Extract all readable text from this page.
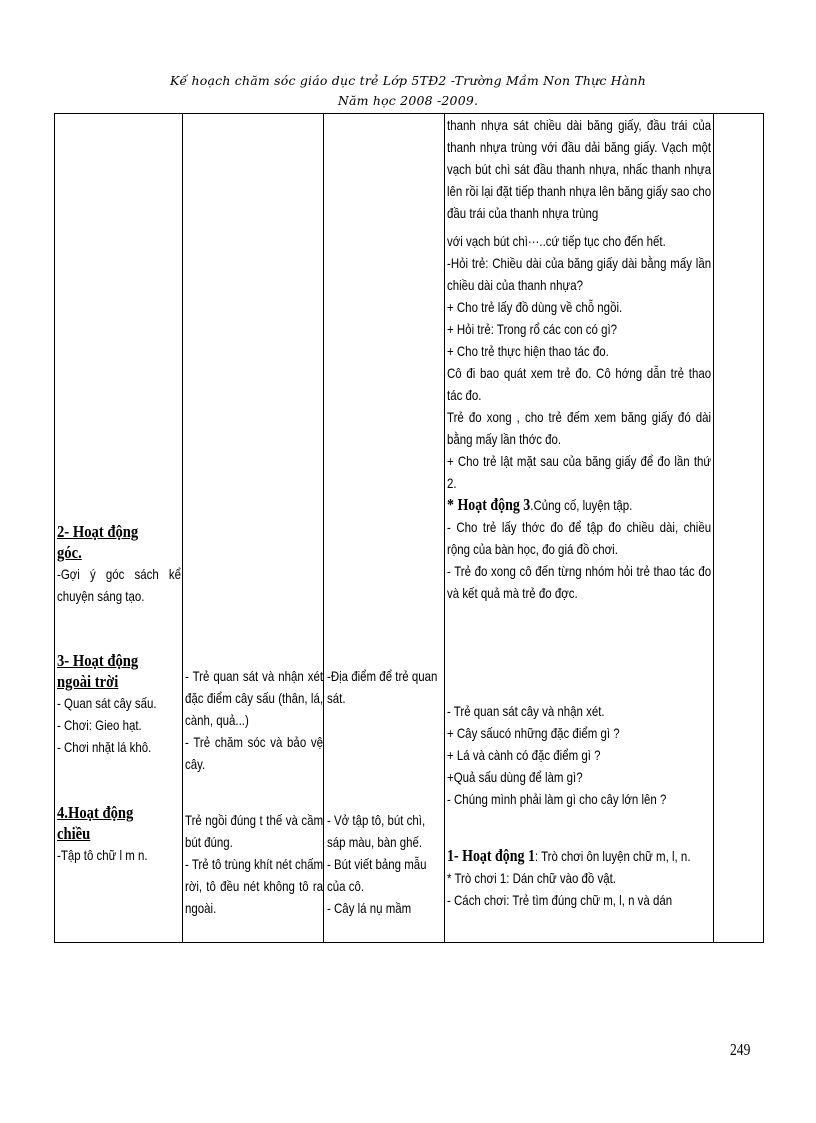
Kế hoạch chăm sóc giáo dục trẻ Lớp 5TĐ2 -Trường Mầm Non Thực Hành
Năm học 2008 -2009.
2- Hoạt động
góc.
-Gợi ý góc sách kể chuyện sáng tạo.
3- Hoạt động
ngoài trời
- Quan sát cây sấu.
- Chơi: Gieo hạt.
- Chơi nhặt lá khô.
4.Hoạt động
chiều
-Tập tô chữ l m n.
- Trẻ quan sát và nhận xét đặc điểm cây sấu (thân, lá, cành, quả...)
- Trẻ chăm sóc và bảo vệ cây.
Trẻ ngồi đúng t thế và cầm bút đúng.
- Trẻ tô trùng khít nét chấm rời, tô đều nét không tô ra ngoài.
-Địa điểm để trẻ quan sát.
- Vở tập tô, bút chì, sáp màu, bàn ghế.
- Bút viết bảng mẫu của cô.
- Cây lá nụ mầm
thanh nhựa sát chiều dài băng giấy, đầu trái của thanh nhựa trùng với đầu dải băng giấy. Vạch một vạch bút chì sát đầu thanh nhựa, nhấc thanh nhựa lên rồi lại đặt tiếp thanh nhựa lên băng giấy sao cho đầu trái của thanh nhựa trùng
với vạch bút chì···..cứ tiếp tục cho đến hết.
-Hỏi trẻ: Chiều dài của băng giấy dài bằng mấy lần chiều dài của thanh nhựa?
+ Cho trẻ lấy đồ dùng về chỗ ngồi.
+ Hỏi trẻ: Trong rổ các con có gì?
+ Cho trẻ thực hiện thao tác đo.
Cô đi bao quát xem trẻ đo. Cô hớng dẫn trẻ thao tác đo.
Trẻ đo xong , cho trẻ đếm xem băng giấy đó dài bằng mấy lần thớc đo.
+ Cho trẻ lật mặt sau của băng giấy để đo lần thứ 2.
* Hoạt động 3.Củng cố, luyện tập.
- Cho trẻ lấy thớc đo để tập đo chiều dài, chiều rộng của bàn học, đo giá đồ chơi.
- Trẻ đo xong cô đến từng nhóm hỏi trẻ thao tác đo và kết quả mà trẻ đo đợc.
- Trẻ quan sát cây và nhận xét.
+ Cây sấucó những đặc điểm gì ?
+ Lá và cành có đặc điểm gì ?
+Quả sấu dùng để làm gì?
- Chúng mình phải làm gì cho cây lớn lên ?
1- Hoạt động 1: Trò chơi ôn luyện chữ m, l, n.
* Trò chơi 1: Dán chữ vào đồ vật.
- Cách chơi: Trẻ tìm đúng chữ m, l, n và dán
249
